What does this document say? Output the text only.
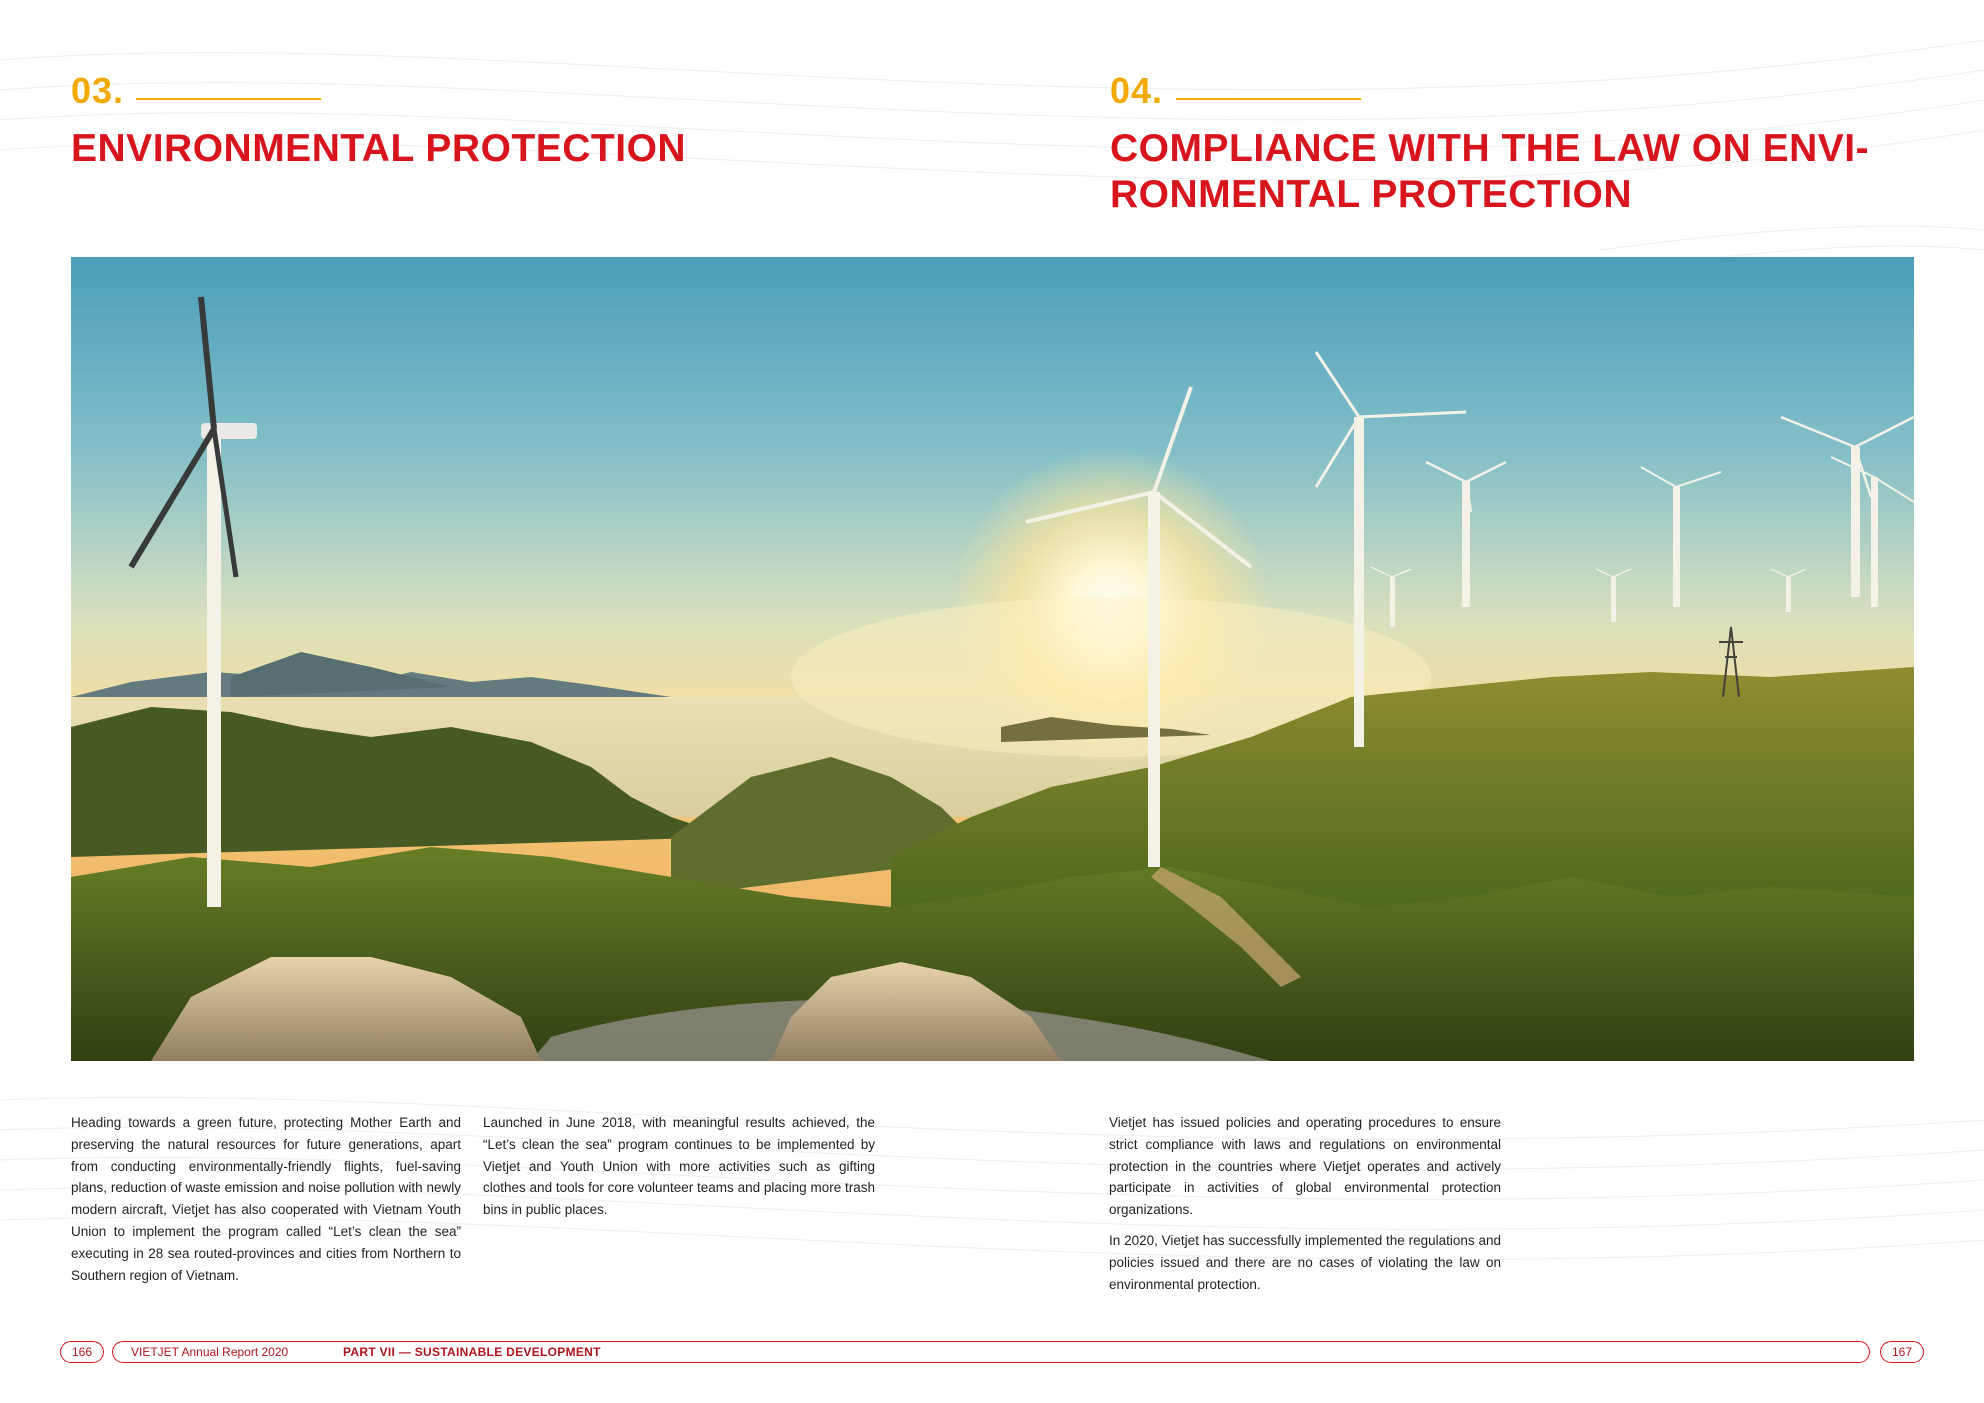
03.
ENVIRONMENTAL PROTECTION
04.
COMPLIANCE WITH THE LAW ON ENVI-
RONMENTAL PROTECTION

Heading towards a green future, protecting Mother Earth and preserving the natural resources for future generations, apart from conducting environmentally-friendly flights, fuel-saving plans, reduction of waste emission and noise pollution with newly modern aircraft, Vietjet has also cooperated with Vietnam Youth Union to implement the program called “Let’s clean the sea” executing in 28 sea routed-provinces and cities from Northern to Southern region of Vietnam.

Launched in June 2018, with meaningful results achieved, the “Let’s clean the sea” program continues to be implemented by Vietjet and Youth Union with more activities such as gifting clothes and tools for core volunteer teams and placing more trash bins in public places.

Vietjet has issued policies and operating procedures to ensure strict compliance with laws and regulations on environmental protection in the countries where Vietjet operates and actively participate in activities of global environmental protection organizations.

In 2020, Vietjet has successfully implemented the regulations and policies issued and there are no cases of violating the law on environmental protection.

166	VIETJET Annual Report 2020	PART VII — SUSTAINABLE DEVELOPMENT	167
